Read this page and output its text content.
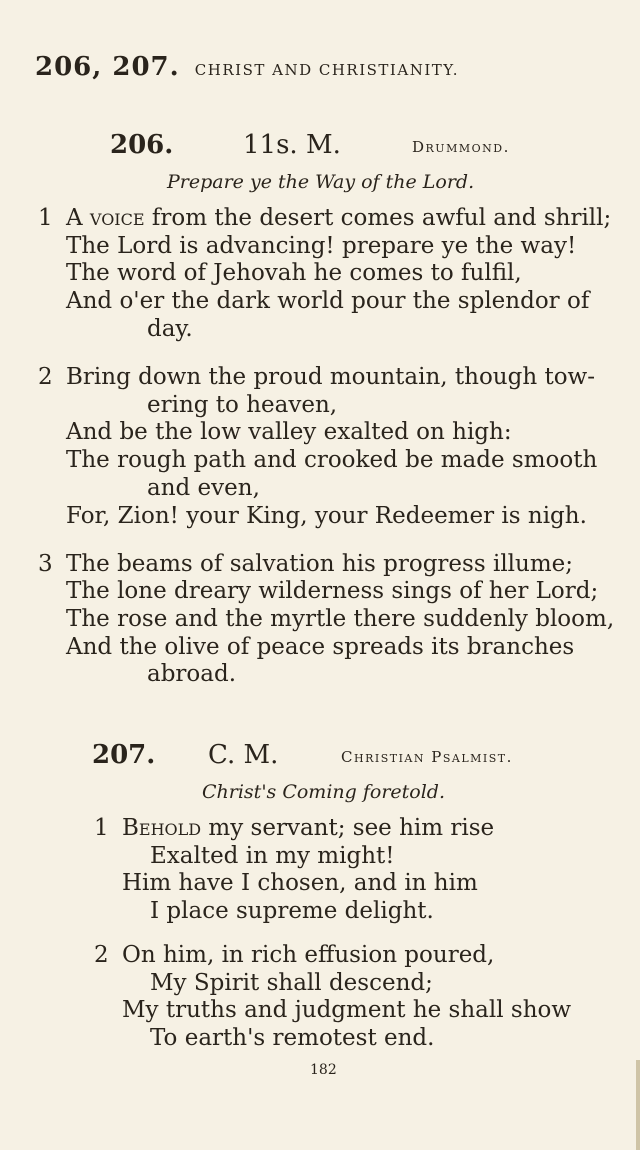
206, 207. CHRIST AND CHRISTIANITY.
206.	11s. M.	Drummond.
Prepare ye the Way of the Lord.
1 A voice from the desert comes awful and shrill;
The Lord is advancing! prepare ye the way!
The word of Jehovah he comes to fulfil,
And o'er the dark world pour the splendor of
day.
2 Bring down the proud mountain, though tow-
ering to heaven,
And be the low valley exalted on high:
The rough path and crooked be made smooth
and even,
For, Zion! your King, your Redeemer is nigh.
3 The beams of salvation his progress illume;
The lone dreary wilderness sings of her Lord;
The rose and the myrtle there suddenly bloom,
And the olive of peace spreads its branches
abroad.
207. C. M.	Christian Psalmist.
Christ's Coming foretold.
1 Behold my servant; see him rise
Exalted in my might!
Him have I chosen, and in him
I place supreme delight.
2 On him, in rich effusion poured,
My Spirit shall descend;
My truths and judgment he shall show
To earth's remotest end.
182
